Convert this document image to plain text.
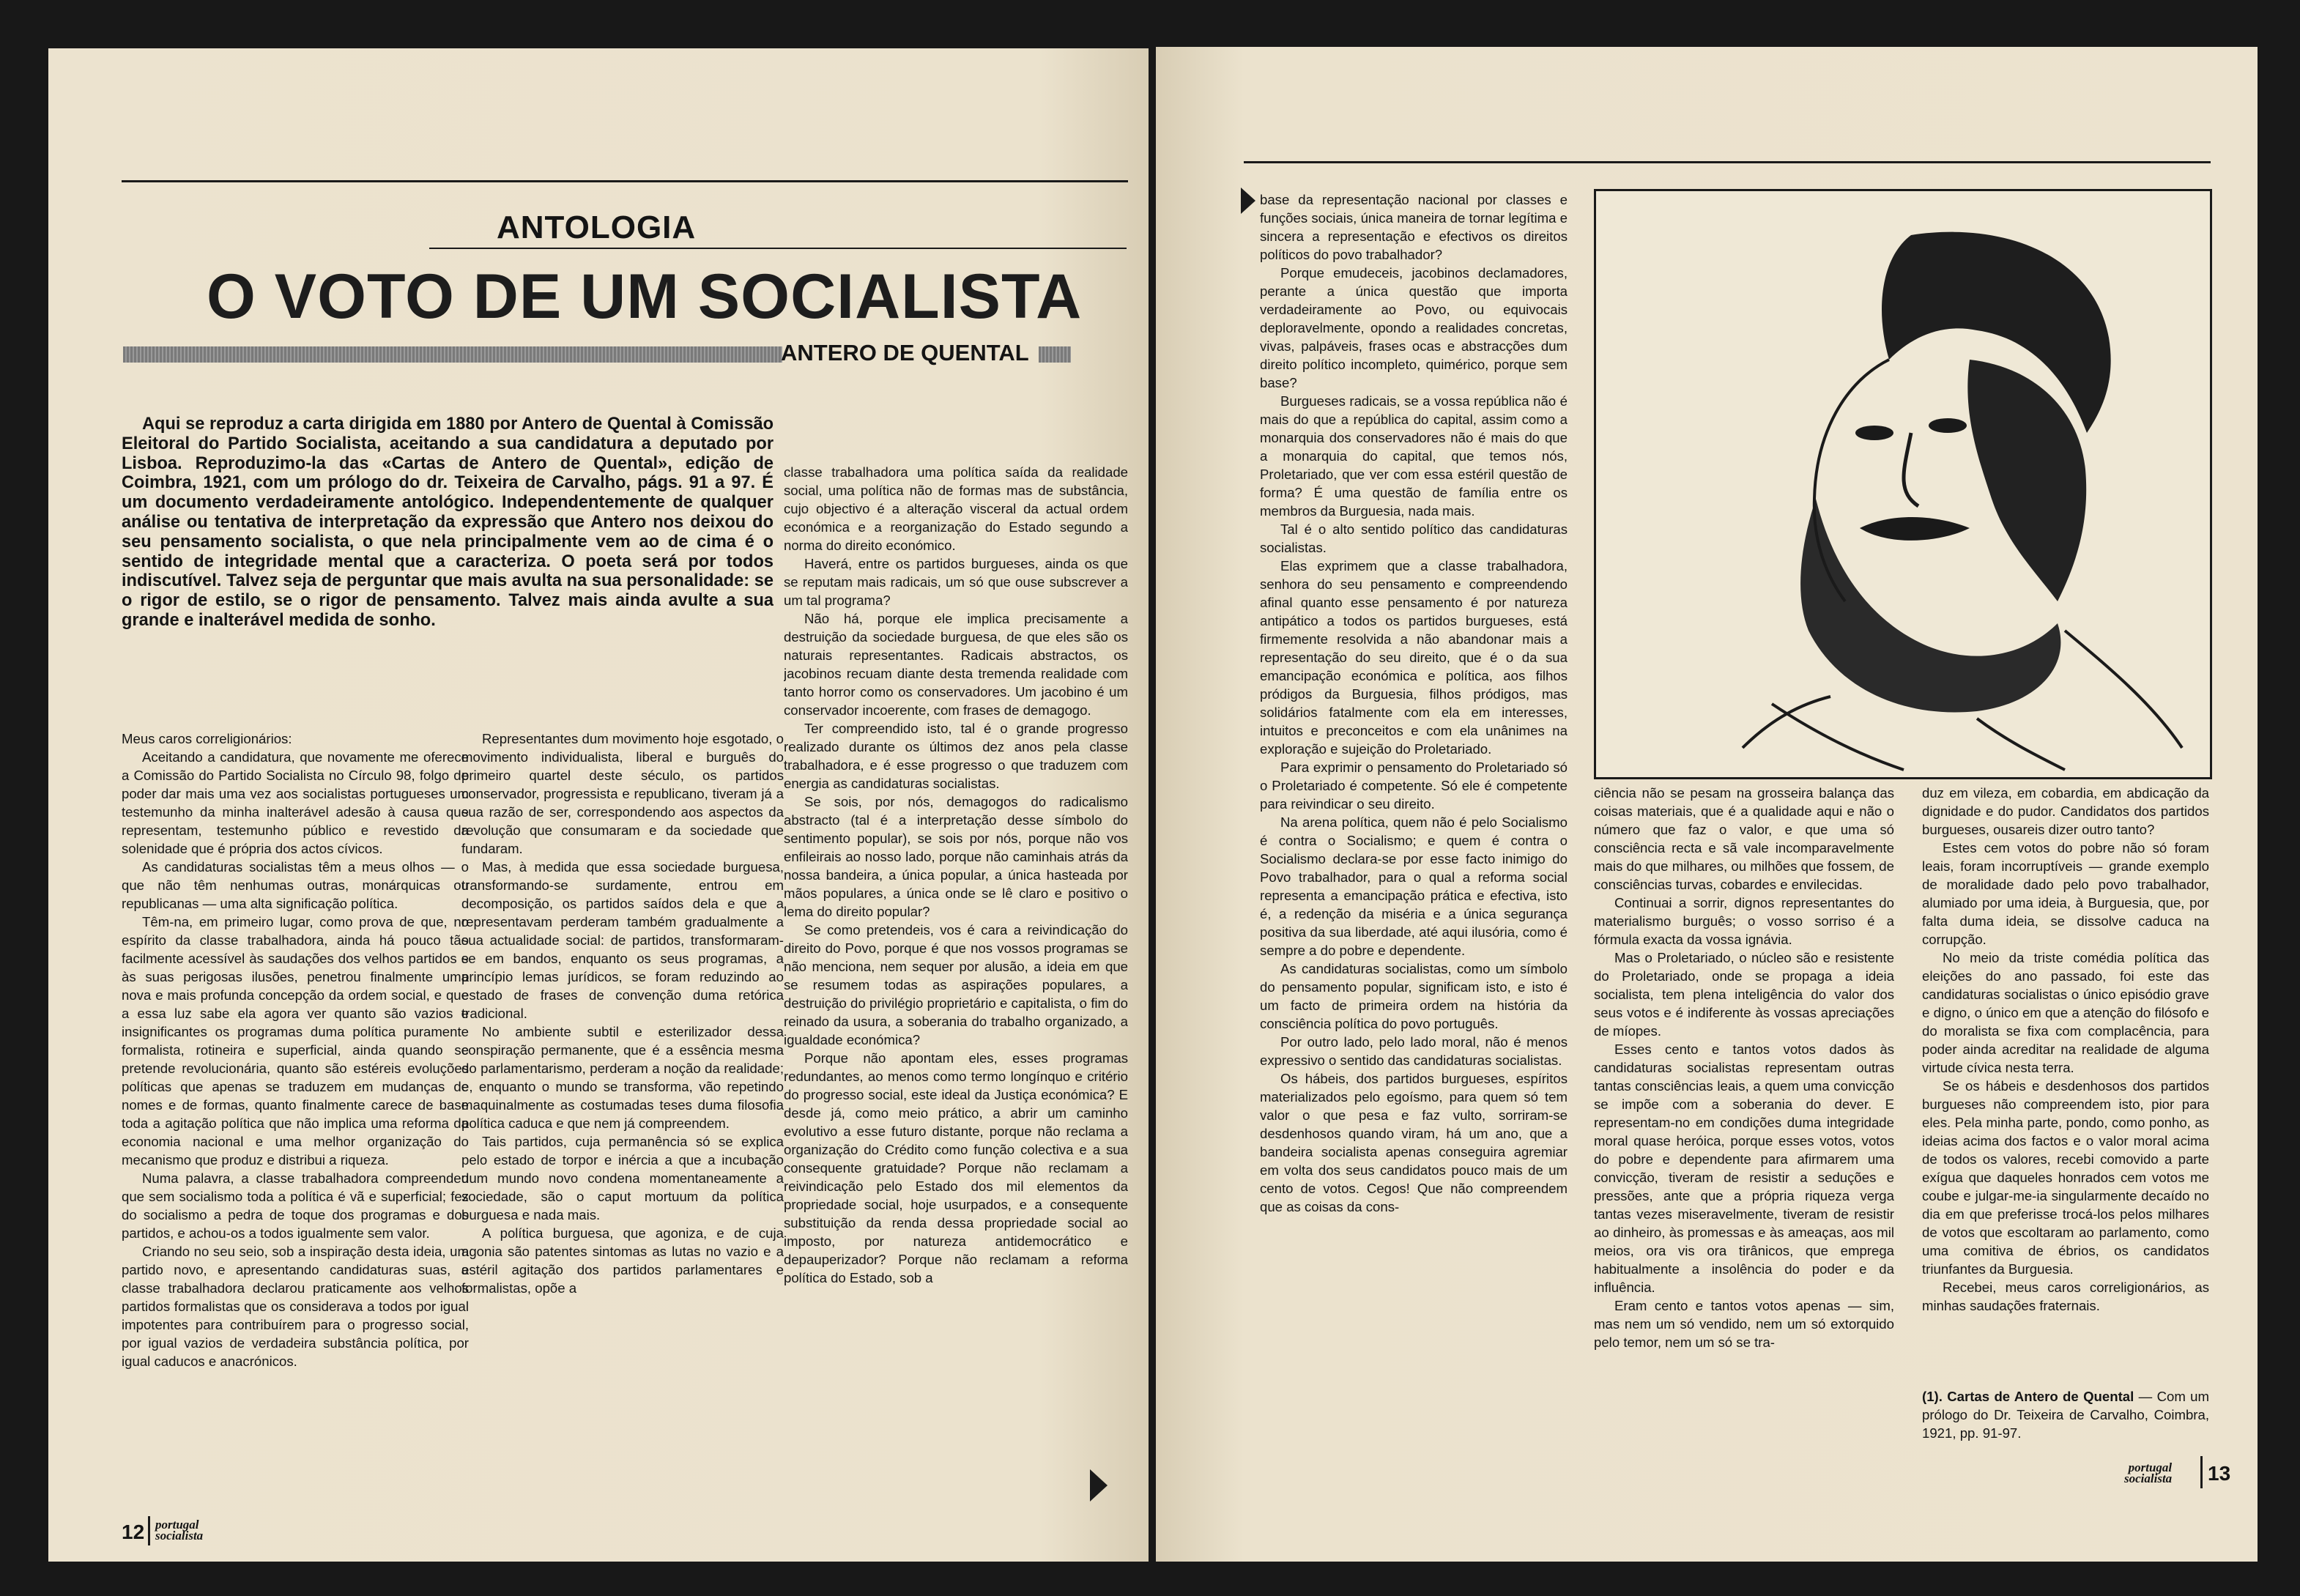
ANTOLOGIA
O VOTO DE UM SOCIALISTA
ANTERO DE QUENTAL

Aqui se reproduz a carta dirigida em 1880 por Antero de Quental à Comissão Eleitoral do Partido Socialista, aceitando a sua candidatura a deputado por Lisboa. Reproduzimo-la das «Cartas de Antero de Quental», edição de Coimbra, 1921, com um prólogo do dr. Teixeira de Carvalho, págs. 91 a 97. É um documento verdadeiramente antológico. Independentemente de qualquer análise ou tentativa de interpretação da expressão que Antero nos deixou do seu pensamento socialista, o que nela principalmente vem ao de cima é o sentido de integridade mental que a caracteriza. O poeta será por todos indiscutível. Talvez seja de perguntar que mais avulta na sua personalidade: se o rigor de estilo, se o rigor de pensamento. Talvez mais ainda avulte a sua grande e inalterável medida de sonho.

Meus caros correligionários:

Aceitando a candidatura, que novamente me oferece a Comissão do Partido Socialista no Círculo 98, folgo de poder dar mais uma vez aos socialistas portugueses um testemunho da minha inalterável adesão à causa que representam, testemunho público e revestido da solenidade que é própria dos actos cívicos.

As candidaturas socialistas têm a meus olhos — o que não têm nenhumas outras, monárquicas ou republicanas — uma alta significação política.

Têm-na, em primeiro lugar, como prova de que, no espírito da classe trabalhadora, ainda há pouco tão facilmente acessível às saudações dos velhos partidos e às suas perigosas ilusões, penetrou finalmente uma nova e mais profunda concepção da ordem social, e que a essa luz sabe ela agora ver quanto são vazios e insignificantes os programas duma política puramente formalista, rotineira e superficial, ainda quando se pretende revolucionária, quanto são estéreis evoluções políticas que apenas se traduzem em mudanças de nomes e de formas, quanto finalmente carece de base toda a agitação política que não implica uma reforma da economia nacional e uma melhor organização do mecanismo que produz e distribui a riqueza.

Numa palavra, a classe trabalhadora compreendeu que sem socialismo toda a política é vã e superficial; fez do socialismo a pedra de toque dos programas e dos partidos, e achou-os a todos igualmente sem valor.

Criando no seu seio, sob a inspiração desta ideia, um partido novo, e apresentando candidaturas suas, a classe trabalhadora declarou praticamente aos velhos partidos formalistas que os considerava a todos por igual impotentes para contribuírem para o progresso social, por igual vazios de verdadeira substância política, por igual caducos e anacrónicos.

Representantes dum movimento hoje esgotado, o movimento individualista, liberal e burguês do primeiro quartel deste século, os partidos conservador, progressista e republicano, tiveram já a sua razão de ser, correspondendo aos aspectos da revolução que consumaram e da sociedade que fundaram.

Mas, à medida que essa sociedade burguesa, transformando-se surdamente, entrou em decomposição, os partidos saídos dela e que a representavam perderam também gradualmente a sua actualidade social: de partidos, transformaram-se em bandos, enquanto os seus programas, a princípio lemas jurídicos, se foram reduzindo ao estado de frases de convenção duma retórica tradicional.

No ambiente subtil e esterilizador dessa conspiração permanente, que é a essência mesma do parlamentarismo, perderam a noção da realidade; e, enquanto o mundo se transforma, vão repetindo maquinalmente as costumadas teses duma filosofia política caduca e que nem já compreendem.

Tais partidos, cuja permanência só se explica pelo estado de torpor e inércia a que a incubação dum mundo novo condena momentaneamente a sociedade, são o caput mortuum da política burguesa e nada mais.

A política burguesa, que agoniza, e de cuja agonia são patentes sintomas as lutas no vazio e a estéril agitação dos partidos parlamentares e formalistas, opõe a

classe trabalhadora uma política saída da realidade social, uma política não de formas mas de substância, cujo objectivo é a alteração visceral da actual ordem económica e a reorganização do Estado segundo a norma do direito económico.

Haverá, entre os partidos burgueses, ainda os que se reputam mais radicais, um só que ouse subscrever a um tal programa?

Não há, porque ele implica precisamente a destruição da sociedade burguesa, de que eles são os naturais representantes. Radicais abstractos, os jacobinos recuam diante desta tremenda realidade com tanto horror como os conservadores. Um jacobino é um conservador incoerente, com frases de demagogo.

Ter compreendido isto, tal é o grande progresso realizado durante os últimos dez anos pela classe trabalhadora, e é esse progresso o que traduzem com energia as candidaturas socialistas.

Se sois, por nós, demagogos do radicalismo abstracto (tal é a interpretação desse símbolo do sentimento popular), se sois por nós, porque não vos enfileirais ao nosso lado, porque não caminhais atrás da nossa bandeira, a única popular, a única hasteada por mãos populares, a única onde se lê claro e positivo o lema do direito popular?

Se como pretendeis, vos é cara a reivindicação do direito do Povo, porque é que nos vossos programas se não menciona, nem sequer por alusão, a ideia em que se resumem todas as aspirações populares, a destruição do privilégio proprietário e capitalista, o fim do reinado da usura, a soberania do trabalho organizado, a igualdade económica?

Porque não apontam eles, esses programas redundantes, ao menos como termo longínquo e critério do progresso social, este ideal da Justiça económica? E desde já, como meio prático, a abrir um caminho evolutivo a esse futuro distante, porque não reclama a organização do Crédito como função colectiva e a sua consequente gratuidade? Porque não reclamam a reivindicação pelo Estado dos mil elementos da propriedade social, hoje usurpados, e a consequente substituição da renda dessa propriedade social ao imposto, por natureza antidemocrático e depauperizador? Porque não reclamam a reforma política do Estado, sob a

12 portugal
socialista

base da representação nacional por classes e funções sociais, única maneira de tornar legítima e sincera a representação e efectivos os direitos políticos do povo trabalhador?

Porque emudeceis, jacobinos declamadores, perante a única questão que importa verdadeiramente ao Povo, ou equivocais deploravelmente, opondo a realidades concretas, vivas, palpáveis, frases ocas e abstracções dum direito político incompleto, quimérico, porque sem base?

Burgueses radicais, se a vossa república não é mais do que a república do capital, assim como a monarquia dos conservadores não é mais do que a monarquia do capital, que temos nós, Proletariado, que ver com essa estéril questão de forma? É uma questão de família entre os membros da Burguesia, nada mais.

Tal é o alto sentido político das candidaturas socialistas.

Elas exprimem que a classe trabalhadora, senhora do seu pensamento e compreendendo afinal quanto esse pensamento é por natureza antipático a todos os partidos burgueses, está firmemente resolvida a não abandonar mais a representação do seu direito, que é o da sua emancipação económica e política, aos filhos pródigos da Burguesia, filhos pródigos, mas solidários fatalmente com ela em interesses, intuitos e preconceitos e com ela unânimes na exploração e sujeição do Proletariado.

Para exprimir o pensamento do Proletariado só o Proletariado é competente. Só ele é competente para reivindicar o seu direito.

Na arena política, quem não é pelo Socialismo é contra o Socialismo; e quem é contra o Socialismo declara-se por esse facto inimigo do Povo trabalhador, para o qual a reforma social representa a emancipação prática e efectiva, isto é, a redenção da miséria e a única segurança positiva da sua liberdade, até aqui ilusória, como é sempre a do pobre e dependente.

As candidaturas socialistas, como um símbolo do pensamento popular, significam isto, e isto é um facto de primeira ordem na história da consciência política do povo português.

Por outro lado, pelo lado moral, não é menos expressivo o sentido das candidaturas socialistas.

Os hábeis, dos partidos burgueses, espíritos materializados pelo egoísmo, para quem só tem valor o que pesa e faz vulto, sorriram-se desdenhosos quando viram, há um ano, que a bandeira socialista apenas conseguira agremiar em volta dos seus candidatos pouco mais de um cento de votos. Cegos! Que não compreendem que as coisas da cons-

ciência não se pesam na grosseira balança das coisas materiais, que é a qualidade aqui e não o número que faz o valor, e que uma só consciência recta e sã vale incomparavelmente mais do que milhares, ou milhões que fossem, de consciências turvas, cobardes e envilecidas.

Continuai a sorrir, dignos representantes do materialismo burguês; o vosso sorriso é a fórmula exacta da vossa ignávia.

Mas o Proletariado, o núcleo são e resistente do Proletariado, onde se propaga a ideia socialista, tem plena inteligência do valor dos seus votos e é indiferente às vossas apreciações de míopes.

Esses cento e tantos votos dados às candidaturas socialistas representam outras tantas consciências leais, a quem uma convicção se impõe com a soberania do dever. E representam-no em condições duma integridade moral quase heróica, porque esses votos, votos do pobre e dependente para afirmarem uma convicção, tiveram de resistir a seduções e pressões, ante que a própria riqueza verga tantas vezes miseravelmente, tiveram de resistir ao dinheiro, às promessas e às ameaças, aos mil meios, ora vis ora tirânicos, que emprega habitualmente a insolência do poder e da influência.

Eram cento e tantos votos apenas — sim, mas nem um só vendido, nem um só extorquido pelo temor, nem um só se tra-

duz em vileza, em cobardia, em abdicação da dignidade e do pudor. Candidatos dos partidos burgueses, ousareis dizer outro tanto?

Estes cem votos do pobre não só foram leais, foram incorruptíveis — grande exemplo de moralidade dado pelo povo trabalhador, alumiado por uma ideia, à Burguesia, que, por falta duma ideia, se dissolve caduca na corrupção.

No meio da triste comédia política das eleições do ano passado, foi este das candidaturas socialistas o único episódio grave e digno, o único em que a atenção do filósofo e do moralista se fixa com complacência, para poder ainda acreditar na realidade de alguma virtude cívica nesta terra.

Se os hábeis e desdenhosos dos partidos burgueses não compreendem isto, pior para eles. Pela minha parte, pondo, como ponho, as ideias acima dos factos e o valor moral acima de todos os valores, recebi comovido a parte exígua que daqueles honrados cem votos me coube e julgar-me-ia singularmente decaído no dia em que preferisse trocá-los pelos milhares de votos que escoltaram ao parlamento, como uma comitiva de ébrios, os candidatos triunfantes da Burguesia.

Recebei, meus caros correligionários, as minhas saudações fraternais.

(1). Cartas de Antero de Quental — Com um prólogo do Dr. Teixeira de Carvalho, Coimbra, 1921, pp. 91-97.

portugal
socialista 13
